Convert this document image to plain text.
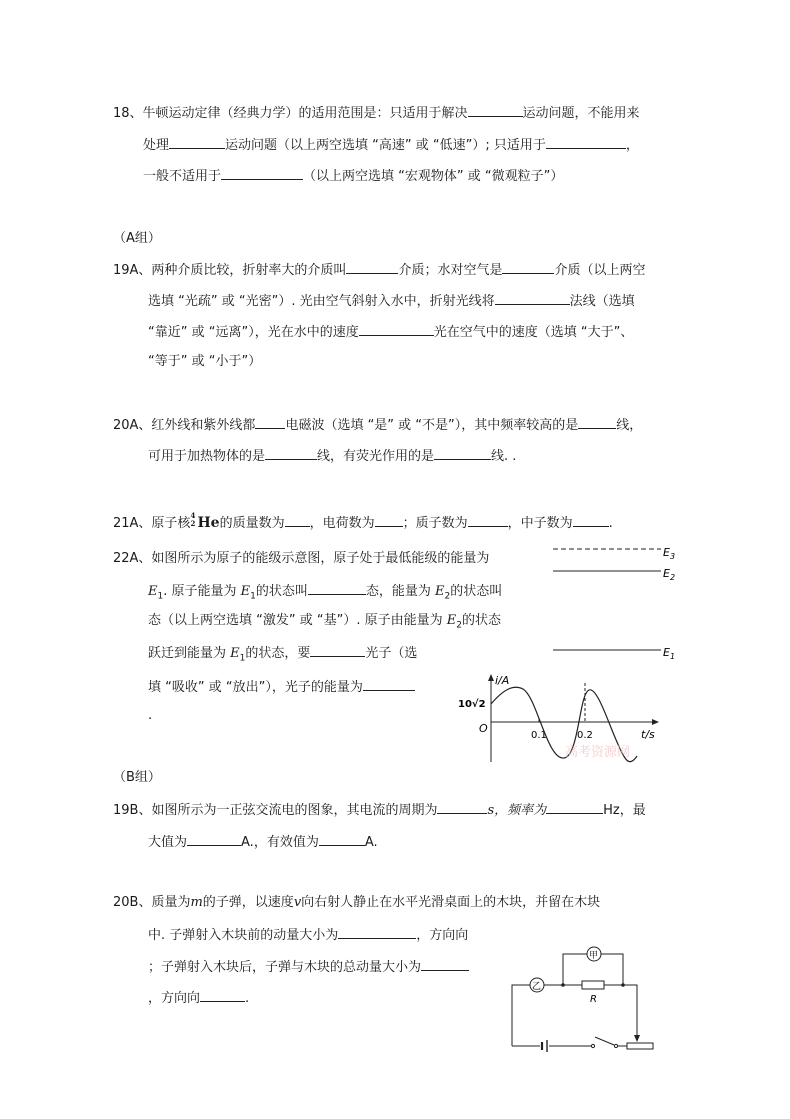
18、牛顿运动定律（经典力学）的适用范围是：只适用于解决	运动问题，不能用来
处理	运动问题（以上两空选填 “高速” 或 “低速”）; 只适用于	，
一般不适用于	（以上两空选填 “宏观物体” 或 “微观粒子”）
（A组）
19A、两种介质比较，折射率大的介质叫	介质；水对空气是	介质（以上两空
选填 “光疏” 或 “光密”）. 光由空气斜射入水中，折射光线将	法线（选填
“靠近” 或 “远离”），光在水中的速度	光在空气中的速度（选填 “大于”、
“等于” 或 “小于”）
20A、红外线和紫外线都 电磁波（选填 “是” 或 “不是”），其中频率较高的是	线，
可用于加热物体的是	线，有荧光作用的是	线. .
21A、原子核
4
2 He的质量数为 ，电荷数为 ；质子数为	，中子数为	.
22A、如图所示为原子的能级示意图，原子处于最低能级的能量为
$E_1$. 原子能量为 $E_1$的状态叫	态，能量为 $E_2$的状态叫
态（以上两空选填 “激发” 或 “基”）. 原子由能量为 $E_2$的状态
跃迁到能量为 $E_1$的状态，要	光子（选
填 “吸收” 或 “放出”），光子的能量为
.
$E_3$
$E_2$
$E_1$
i/A
10√2
O
0.1	0.2	t/s
高考资源网
（B组）
19B、如图所示为一正弦交流电的图象，其电流的周期为	s，频率为	Hz，最
大值为	A.，有效值为	A.
20B、质量为m的子弹，以速度v向右射人静止在水平光滑桌面上的木块，并留在木块
中. 子弹射入木块前的动量大小为	，方向向
；子弹射入木块后，子弹与木块的总动量大小为
，方向向	.
乙
甲
R
